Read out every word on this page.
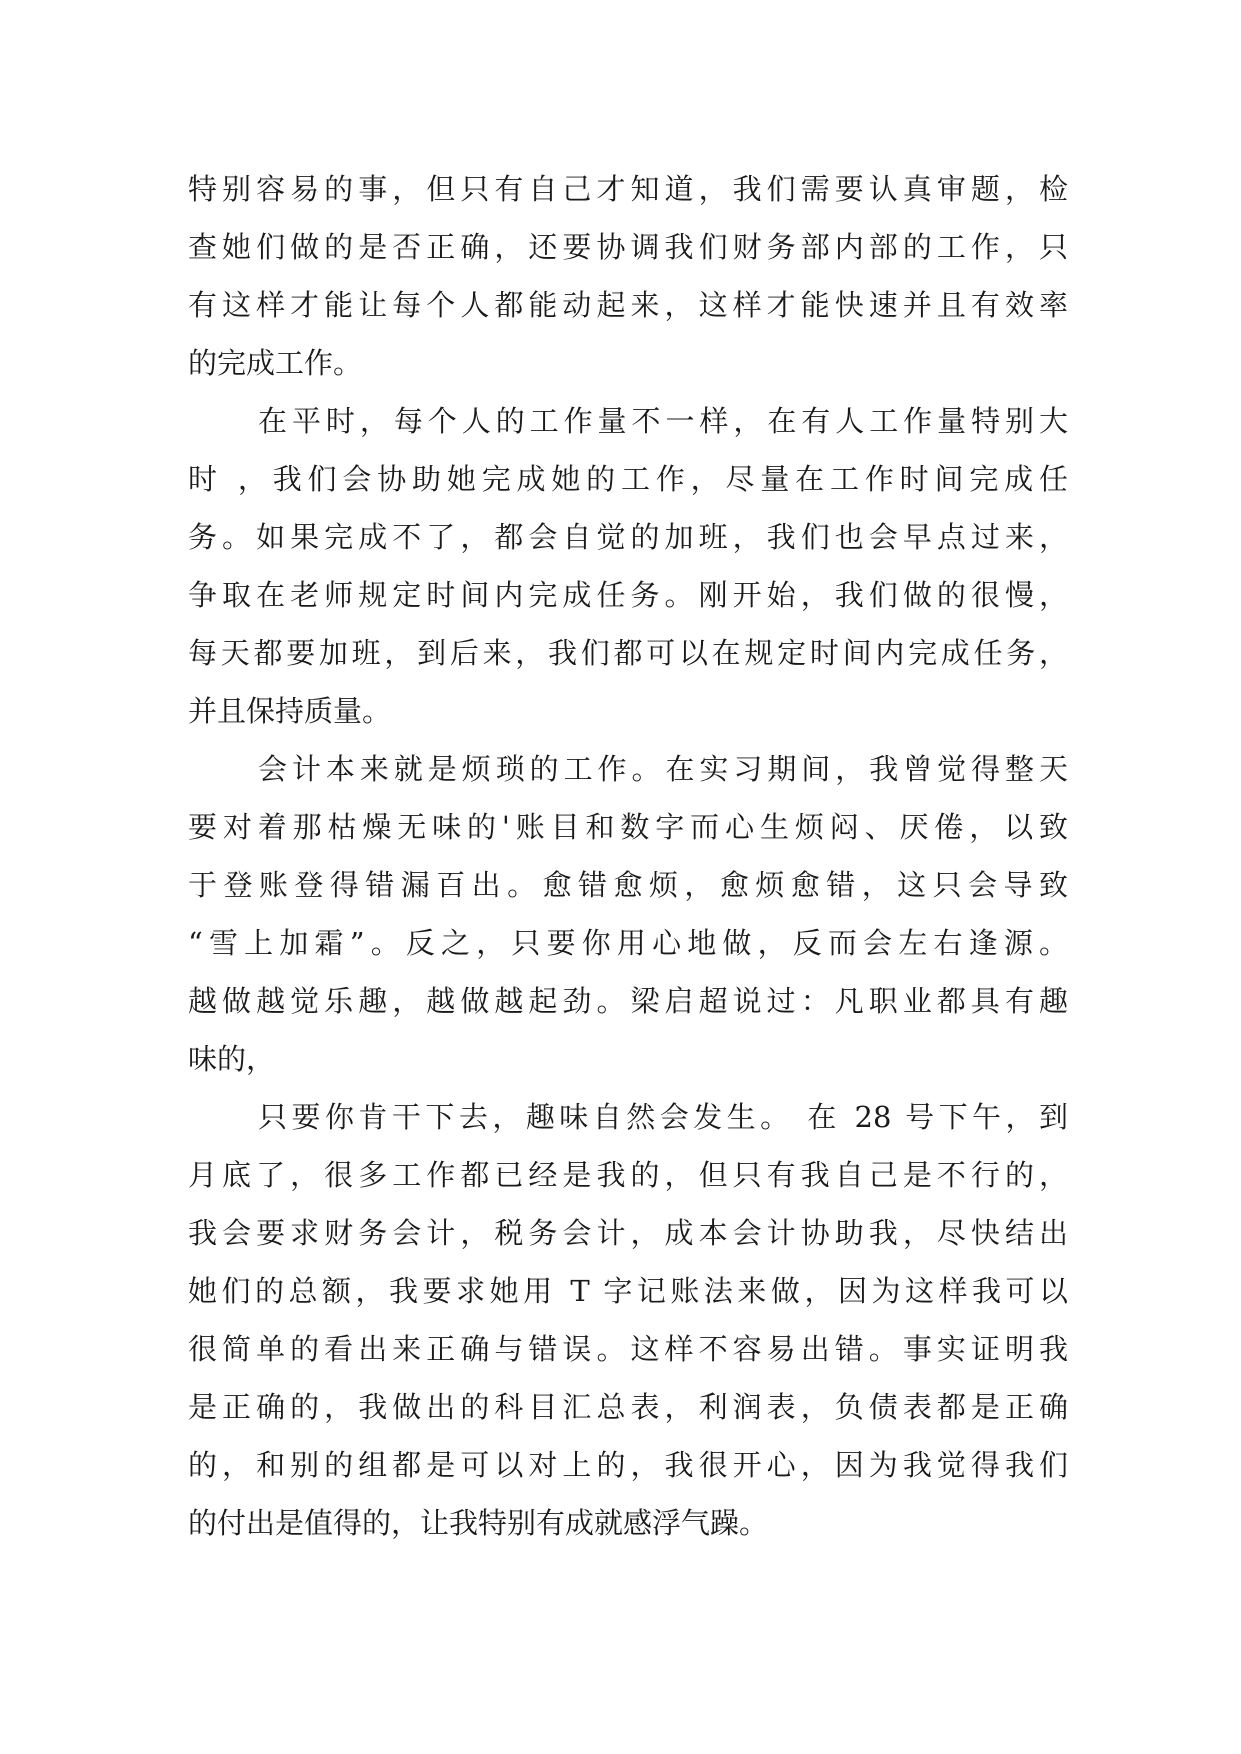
特别容易的事，但只有自己才知道，我们需要认真审题，检
查她们做的是否正确，还要协调我们财务部内部的工作，只
有这样才能让每个人都能动起来，这样才能快速并且有效率
的完成工作。
在平时，每个人的工作量不一样，在有人工作量特别大
时 ，我们会协助她完成她的工作，尽量在工作时间完成任
务。如果完成不了，都会自觉的加班，我们也会早点过来，
争取在老师规定时间内完成任务。刚开始，我们做的很慢，
每天都要加班，到后来，我们都可以在规定时间内完成任务，
并且保持质量。
会计本来就是烦琐的工作。在实习期间，我曾觉得整天
要对着那枯燥无味的'账目和数字而心生烦闷、厌倦，以致
于登账登得错漏百出。愈错愈烦，愈烦愈错，这只会导致
“雪上加霜”。反之，只要你用心地做，反而会左右逢源。
越做越觉乐趣，越做越起劲。梁启超说过：凡职业都具有趣
味的，
只要你肯干下去，趣味自然会发生。 在 28 号下午，到
月底了，很多工作都已经是我的，但只有我自己是不行的，
我会要求财务会计，税务会计，成本会计协助我，尽快结出
她们的总额，我要求她用 T 字记账法来做，因为这样我可以
很简单的看出来正确与错误。这样不容易出错。事实证明我
是正确的，我做出的科目汇总表，利润表，负债表都是正确
的，和别的组都是可以对上的，我很开心，因为我觉得我们
的付出是值得的，让我特别有成就感浮气躁。
